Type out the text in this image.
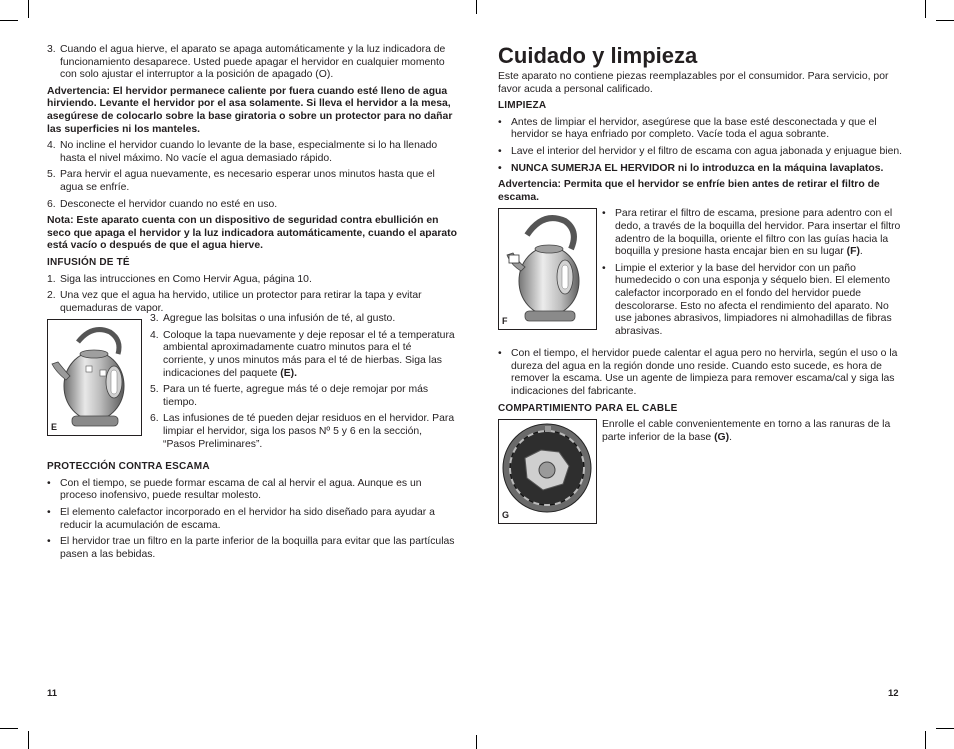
3. Cuando el agua hierve, el aparato se apaga automáticamente y la luz indicadora de funcionamiento desaparece. Usted puede apagar el hervidor en cualquier momento con solo ajustar el interruptor a la posición de apagado (O).

Advertencia: El hervidor permanece caliente por fuera cuando esté lleno de agua hirviendo. Levante el hervidor por el asa solamente. Si lleva el hervidor a la mesa, asegúrese de colocarlo sobre la base giratoria o sobre un protector para no dañar las superficies ni los manteles.

4. No incline el hervidor cuando lo levante de la base, especialmente si lo ha llenado hasta el nivel máximo. No vacíe el agua demasiado rápido.
5. Para hervir el agua nuevamente, es necesario esperar unos minutos hasta que el agua se enfríe.
6. Desconecte el hervidor cuando no esté en uso.

Nota: Este aparato cuenta con un dispositivo de seguridad contra ebullición en seco que apaga el hervidor y la luz indicadora automáticamente, cuando el aparato está vacío o después de que el agua hierve.

INFUSIÓN DE TÉ
1. Siga las intrucciones en Como Hervir Agua, página 10.
2. Una vez que el agua ha hervido, utilice un protector para retirar la tapa y evitar quemaduras de vapor.
E
3. Agregue las bolsitas o una infusión de té, al gusto.
4. Coloque la tapa nuevamente y deje reposar el té a temperatura ambiental aproximadamente cuatro minutos para el té corriente, y unos minutos más para el té de hierbas. Siga las indicaciones del paquete (E).
5. Para un té fuerte, agregue más té o deje remojar por más tiempo.
6. Las infusiones de té pueden dejar residuos en el hervidor. Para limpiar el hervidor, siga los pasos Nº 5 y 6 en la sección, “Pasos Preliminares”.
PROTECCIÓN CONTRA ESCAMA
• Con el tiempo, se puede formar escama de cal al hervir el agua. Aunque es un proceso inofensivo, puede resultar molesto.
• El elemento calefactor incorporado en el hervidor ha sido diseñado para ayudar a reducir la acumulación de escama.
• El hervidor trae un filtro en la parte inferior de la boquilla para evitar que las partículas pasen a las bebidas.
11
Cuidado y limpieza

Este aparato no contiene piezas reemplazables por el consumidor. Para servicio, por favor acuda a personal calificado.

LIMPIEZA
• Antes de limpiar el hervidor, asegúrese que la base esté desconectada y que el hervidor se haya enfriado por completo. Vacíe toda el agua sobrante.
• Lave el interior del hervidor y el filtro de escama con agua jabonada y enjuague bien.
• NUNCA SUMERJA EL HERVIDOR ni lo introduzca en la máquina lavaplatos.

Advertencia: Permita que el hervidor se enfríe bien antes de retirar el filtro de escama.

F
• Para retirar el filtro de escama, presione para adentro con el dedo, a través de la boquilla del hervidor. Para insertar el filtro adentro de la boquilla, oriente el filtro con las guías hacia la boquilla y presione hasta encajar bien en su lugar (F).
• Limpie el exterior y la base del hervidor con un paño humedecido o con una esponja y séquelo bien. El elemento calefactor incorporado en el fondo del hervidor puede descolorarse. Esto no afecta el rendimiento del aparato. No use jabones abrasivos, limpiadores ni almohadillas de fibras abrasivas.
• Con el tiempo, el hervidor puede calentar el agua pero no hervirla, según el uso o la dureza del agua en la región donde uno reside. Cuando esto sucede, es hora de remover la escama. Use un agente de limpieza para remover escama/cal y siga las indicaciones del fabricante.
COMPARTIMIENTO PARA EL CABLE
G
Enrolle el cable convenientemente en torno a las ranuras de la parte inferior de la base (G).
12
